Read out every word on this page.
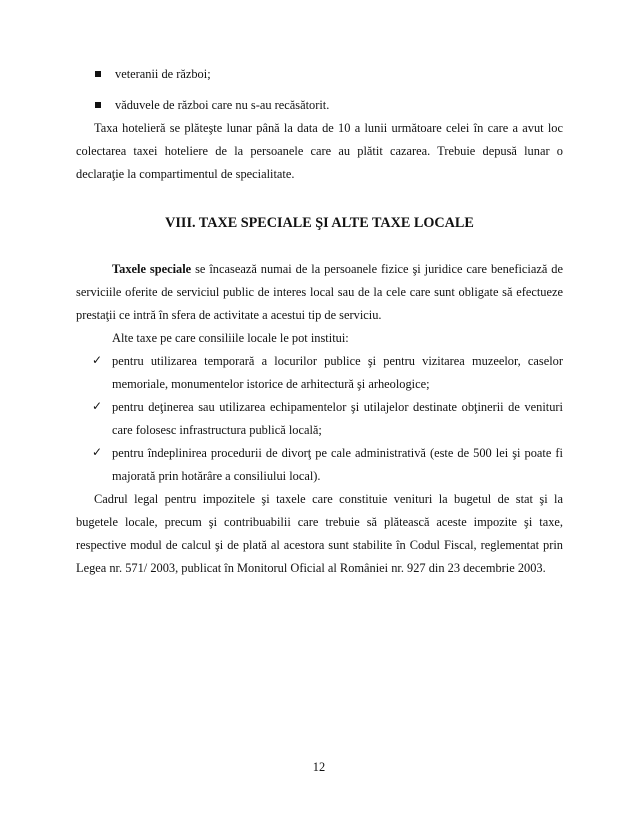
veteranii de război;
văduvele de război care nu s-au recăsătorit.
Taxa hotelieră se plăteşte lunar până la data de 10 a lunii următoare celei în care a avut loc
colectarea taxei hoteliere de la persoanele care au plătit cazarea. Trebuie depusă lunar o
declaraţie la compartimentul de specialitate.
VIII. TAXE SPECIALE ŞI ALTE TAXE LOCALE
Taxele speciale se încasează numai de la persoanele fizice şi juridice care beneficiază de
serviciile oferite de serviciul public de interes local sau de la cele care sunt obligate să efectueze
prestaţii ce intră în sfera de activitate a acestui tip de serviciu.
Alte taxe pe care consiliile locale le pot institui:
✓ pentru utilizarea temporară a locurilor publice şi pentru vizitarea muzeelor, caselor
memoriale, monumentelor istorice de arhitectură şi arheologice;
✓ pentru deţinerea sau utilizarea echipamentelor şi utilajelor destinate obţinerii de venituri
care folosesc infrastructura publică locală;
✓ pentru îndeplinirea procedurii de divorţ pe cale administrativă (este de 500 lei şi poate fi
majorată prin hotărâre a consiliului local).
Cadrul legal pentru impozitele şi taxele care constituie venituri la bugetul de stat şi la
bugetele locale, precum şi contribuabilii care trebuie să plătească aceste impozite şi taxe,
respective modul de calcul şi de plată al acestora sunt stabilite în Codul Fiscal, reglementat prin
Legea nr. 571/ 2003, publicat în Monitorul Oficial al României nr. 927 din 23 decembrie 2003.
12
